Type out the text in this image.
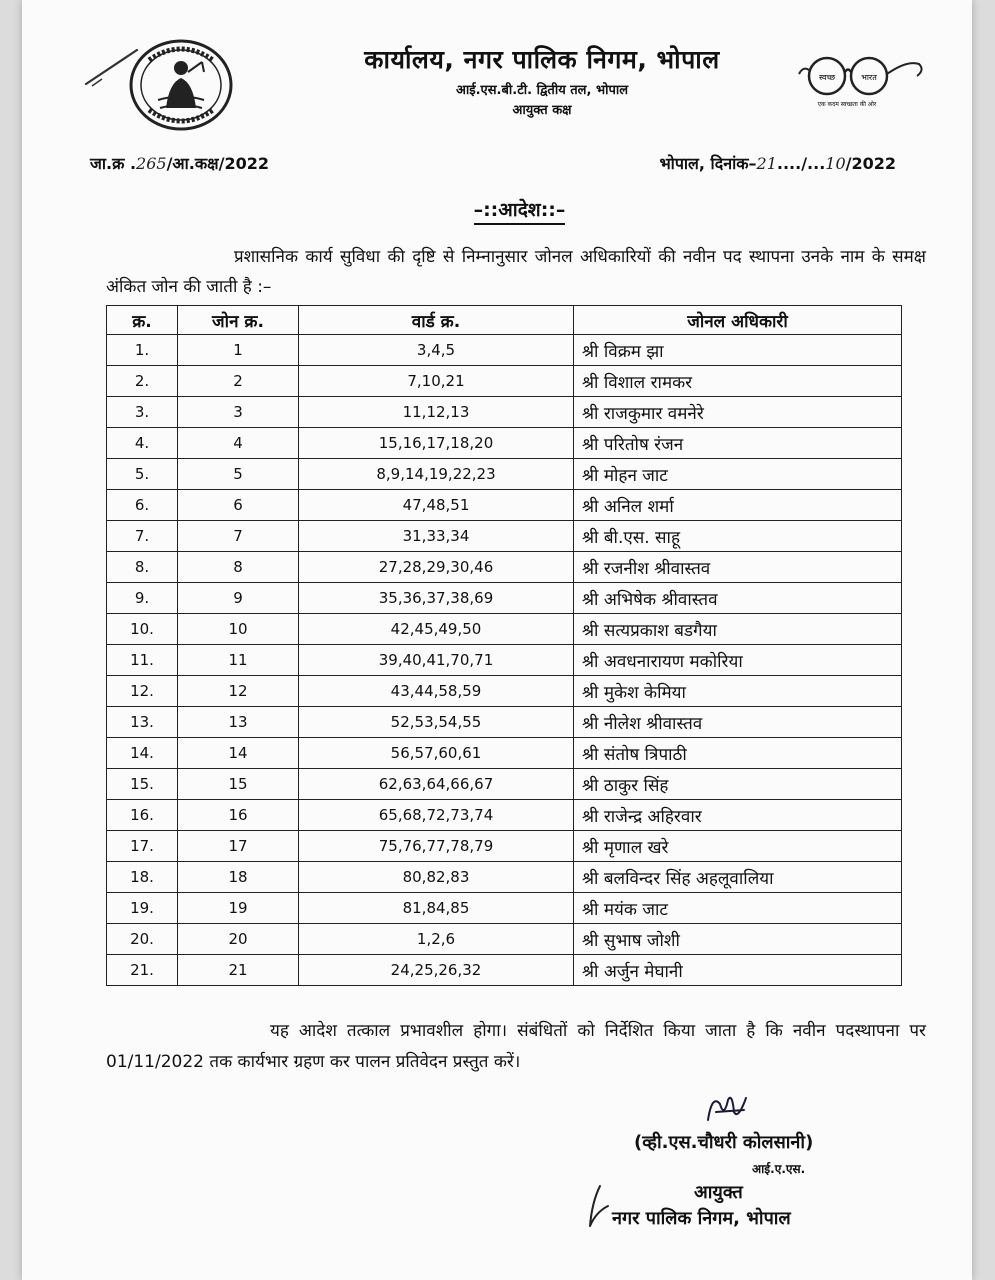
कार्यालय, नगर पालिक निगम, भोपाल
आई.एस.बी.टी. द्वितीय तल, भोपाल
आयुक्त कक्ष
स्वच्छ	भारत
एक कदम स्वच्छता की ओर
जा.क्र .265/आ.कक्ष/2022	भोपाल, दिनांक–21..../...10/2022
–::आदेश::–
प्रशासनिक कार्य सुविधा की दृष्टि से निम्नानुसार जोनल अधिकारियों की नवीन पद स्थापना उनके नाम के समक्ष अंकित जोन की जाती है :–
क्र.	जोन क्र.	वार्ड क्र.	जोनल अधिकारी
1.	1	3,4,5	श्री विक्रम झा
2.	2	7,10,21	श्री विशाल रामकर
3.	3	11,12,13	श्री राजकुमार वमनेरे
4.	4	15,16,17,18,20	श्री परितोष रंजन
5.	5	8,9,14,19,22,23	श्री मोहन जाट
6.	6	47,48,51	श्री अनिल शर्मा
7.	7	31,33,34	श्री बी.एस. साहू
8.	8	27,28,29,30,46	श्री रजनीश श्रीवास्तव
9.	9	35,36,37,38,69	श्री अभिषेक श्रीवास्तव
10.	10	42,45,49,50	श्री सत्यप्रकाश बडगैया
11.	11	39,40,41,70,71	श्री अवधनारायण मकोरिया
12.	12	43,44,58,59	श्री मुकेश केमिया
13.	13	52,53,54,55	श्री नीलेश श्रीवास्तव
14.	14	56,57,60,61	श्री संतोष त्रिपाठी
15.	15	62,63,64,66,67	श्री ठाकुर सिंह
16.	16	65,68,72,73,74	श्री राजेन्द्र अहिरवार
17.	17	75,76,77,78,79	श्री मृणाल खरे
18.	18	80,82,83	श्री बलविन्दर सिंह अहलूवालिया
19.	19	81,84,85	श्री मयंक जाट
20.	20	1,2,6	श्री सुभाष जोशी
21.	21	24,25,26,32	श्री अर्जुन मेघानी
यह आदेश तत्काल प्रभावशील होगा। संबंधितों को निर्देशित किया जाता है कि नवीन पदस्थापना पर 01/11/2022 तक कार्यभार ग्रहण कर पालन प्रतिवेदन प्रस्तुत करें।
(व्ही.एस.चौधरी कोलसानी)
आई.ए.एस.
आयुक्त
नगर पालिक निगम, भोपाल
